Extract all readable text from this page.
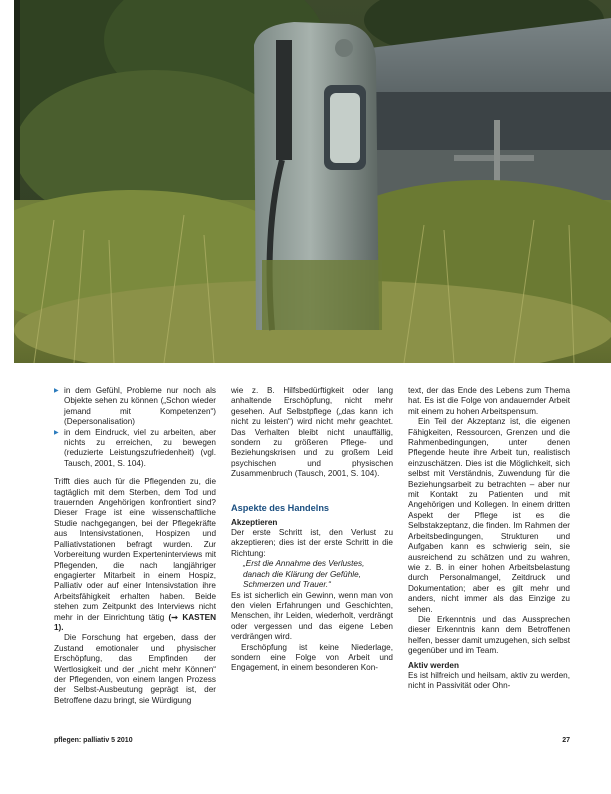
▶ in dem Gefühl, Probleme nur noch als Objekte sehen zu können („Schon wieder jemand mit Kompetenzen“) (Depersonalisation)
▶ in dem Eindruck, viel zu arbeiten, aber nichts zu erreichen, zu bewegen (reduzierte Leistungszufriedenheit) (vgl. Tausch, 2001, S. 104).

Trifft dies auch für die Pflegenden zu, die tagtäglich mit dem Sterben, dem Tod und trauernden Angehörigen konfrontiert sind? Dieser Frage ist eine wissenschaftliche Studie nachgegangen, bei der Pflegekräfte aus Intensivstationen, Hospizen und Palliativstationen befragt wurden. Zur Vorbereitung wurden Experteninterviews mit Pflegenden, die nach langjähriger engagierter Mitarbeit in einem Hospiz, Palliativ oder auf einer Intensivstation ihre Arbeitsfähigkeit erhalten haben. Beide stehen zum Zeitpunkt des Interviews nicht mehr in der Einrichtung tätig (➞ KASTEN 1).

Die Forschung hat ergeben, dass der Zustand emotionaler und physischer Erschöpfung, das Empfinden der Wertlosigkeit und der „nicht mehr Können“ der Pflegenden, von einem langen Prozess der Selbst-Ausbeutung geprägt ist, der Betroffene dazu bringt, sie Würdigung

wie z. B. Hilfsbedürftigkeit oder lang anhaltende Erschöpfung, nicht mehr gesehen. Auf Selbstpflege („das kann ich nicht zu leisten“) wird nicht mehr geachtet. Das Verhalten bleibt nicht unauffällig, sondern zu größeren Pflege- und Beziehungskrisen und zu großem Leid psychischen und physischen Zusammenbruch (Tausch, 2001, S. 104).

Aspekte des Handelns
Akzeptieren

Der erste Schritt ist, den Verlust zu akzeptieren; dies ist der erste Schritt in die Richtung:

„Erst die Annahme des Verlustes,
danach die Klärung der Gefühle,
Schmerzen und Trauer.“

Es ist sicherlich ein Gewinn, wenn man von den vielen Erfahrungen und Geschichten, Menschen, ihr Leiden, wiederholt, verdrängt oder vergessen und das eigene Leben verdrängen wird.

Erschöpfung ist keine Niederlage, sondern eine Folge von Arbeit und Engagement, in einem besonderen Kon-

text, der das Ende des Lebens zum Thema hat. Es ist die Folge von andauernder Arbeit mit einem zu hohen Arbeitspensum.

Ein Teil der Akzeptanz ist, die eigenen Fähigkeiten, Ressourcen, Grenzen und die Rahmenbedingungen, unter denen Pflegende heute ihre Arbeit tun, realistisch einzuschätzen. Dies ist die Möglichkeit, sich selbst mit Verständnis, Zuwendung für die Beziehungsarbeit zu betrachten – aber nur mit Kontakt zu Patienten und mit Angehörigen und Kollegen. In einem dritten Aspekt der Pflege ist es die Selbstakzeptanz, die finden. Im Rahmen der Arbeitsbedingungen, Strukturen und Aufgaben kann es schwierig sein, sie ausreichend zu schätzen und zu wahren, wie z. B. in einer hohen Arbeitsbelastung durch Personalmangel, Zeitdruck und Dokumentation; aber es gilt mehr und anders, nicht immer als das Einzige zu sehen.

Die Erkenntnis und das Aussprechen dieser Erkenntnis kann dem Betroffenen helfen, besser damit umzugehen, sich selbst gegenüber und im Team.

Aktiv werden

Es ist hilfreich und heilsam, aktiv zu werden, nicht in Passivität oder Ohn-

pflegen: palliativ 5 2010	27
